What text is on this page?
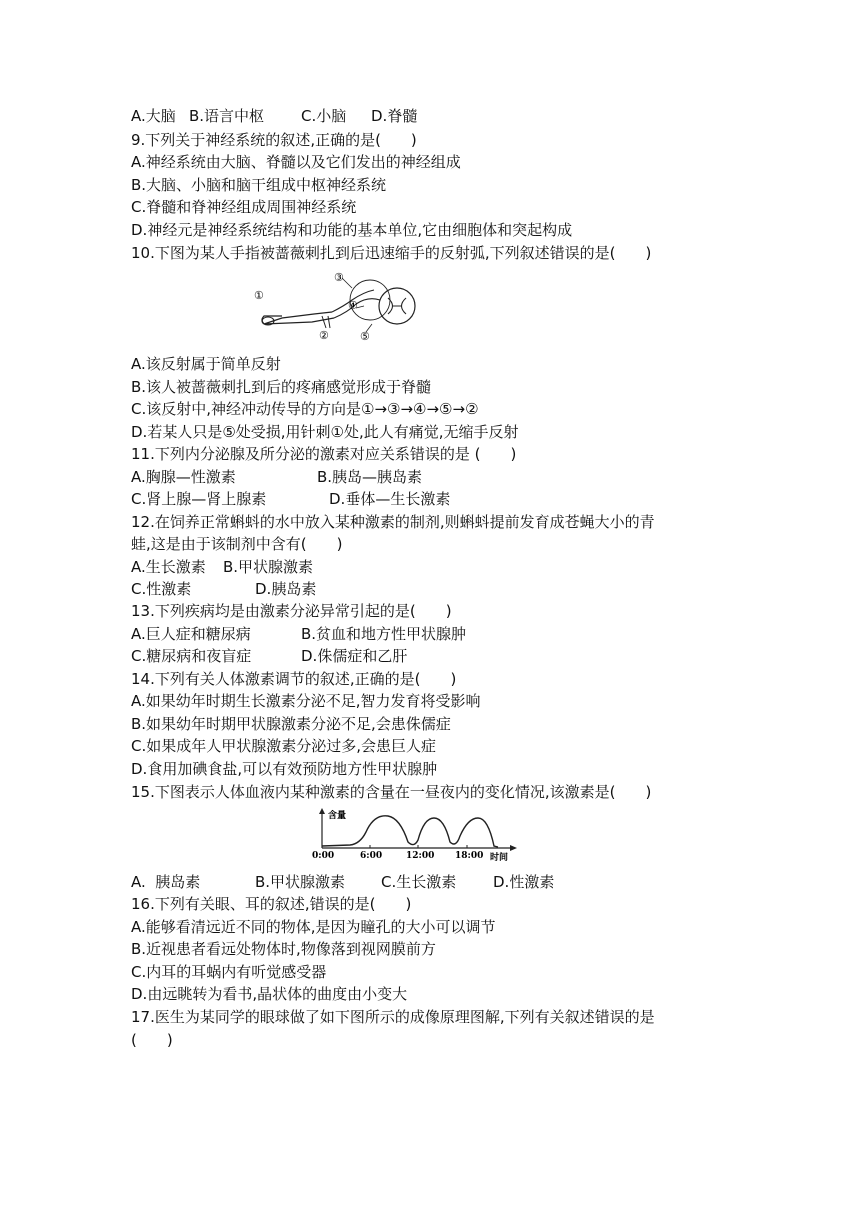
A.大脑

B.语言中枢

C.小脑

D.脊髓

9.下列关于神经系统的叙述,正确的是(　　)
A.神经系统由大脑、脊髓以及它们发出的神经组成
B.大脑、小脑和脑干组成中枢神经系统
C.脊髓和脊神经组成周围神经系统
D.神经元是神经系统结构和功能的基本单位,它由细胞体和突起构成
10.下图为某人手指被蔷薇刺扎到后迅速缩手的反射弧,下列叙述错误的是(　　)
①
②
③
④
⑤
A.该反射属于简单反射
B.该人被蔷薇刺扎到后的疼痛感觉形成于脊髓
C.该反射中,神经冲动传导的方向是①→③→④→⑤→②
D.若某人只是⑤处受损,用针刺①处,此人有痛觉,无缩手反射
11.下列内分泌腺及所分泌的激素对应关系错误的是 (　　)

A.胸腺—性激素

	B.胰岛—胰岛素

C.肾上腺—肾上腺素

	D.垂体—生长激素

12.在饲养正常蝌蚪的水中放入某种激素的制剂,则蝌蚪提前发育成苍蝇大小的青
蛙,这是由于该制剂中含有(　　)

A.生长激素

B.甲状腺激素

C.性激素

	D.胰岛素

13.下列疾病均是由激素分泌异常引起的是(　　)

A.巨人症和糖尿病

	B.贫血和地方性甲状腺肿

C.糖尿病和夜盲症

	D.侏儒症和乙肝

14.下列有关人体激素调节的叙述,正确的是(　　)
A.如果幼年时期生长激素分泌不足,智力发育将受影响
B.如果幼年时期甲状腺激素分泌不足,会患侏儒症
C.如果成年人甲状腺激素分泌过多,会患巨人症
D.食用加碘食盐,可以有效预防地方性甲状腺肿
15.下图表示人体血液内某种激素的含量在一昼夜内的变化情况,该激素是(　　)
含量
时间
0:00	6:00	12:00 18:00

A.  胰岛素

	B.甲状腺激素

C.生长激素

D.性激素

16.下列有关眼、耳的叙述,错误的是(　　)
A.能够看清远近不同的物体,是因为瞳孔的大小可以调节
B.近视患者看远处物体时,物像落到视网膜前方
C.内耳的耳蜗内有听觉感受器
D.由远眺转为看书,晶状体的曲度由小变大
17.医生为某同学的眼球做了如下图所示的成像原理图解,下列有关叙述错误的是
(　　)
